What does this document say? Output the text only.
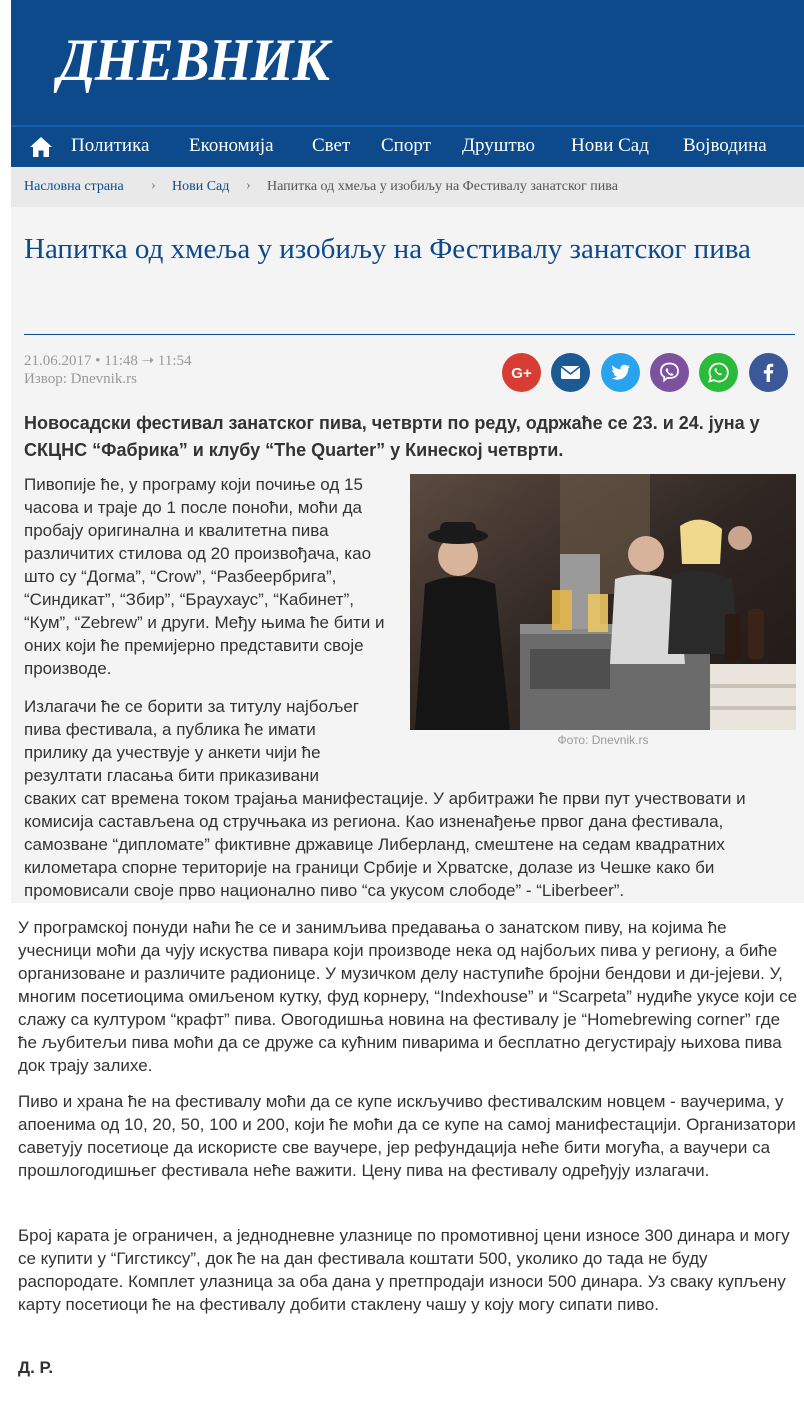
ДНЕВНИК
Политика Економија Свет Спорт Друштво Нови Сад Војводина
Насловна страна › Нови Сад › Напитка од хмеља у изобиљу на Фестивалу занатског пива
Напитка од хмеља у изобиљу на Фестивалу занатског пива
21.06.2017 • 11:48 ➝ 11:54
Извор: Dnevnik.rs	G+

Новосадски фестивал занатског пива, четврти по реду, одржаће се 23. и 24. јуна у СКЦНС “Фабрика” и клубу “The Quarter” у Кинеској четврти.

Фото: Dnevnik.rs

Пивопије ће, у програму који почиње од 15 часова и траје до 1 после поноћи, моћи да пробају оригинална и квалитетна пива различитих стилова од 20 произвођача, као што су “Догма”, “Crow”, “Разбеербрига”, “Синдикат”, “Збир”, “Браухаус”, “Кабинет”, “Кум”, “Zebrew” и други. Међу њима ће бити и оних који ће премијерно представити своје производе.

Излагачи ће се борити за титулу најбољег пива фестивала, а публика ће имати прилику да учествује у анкети чији ће резултати гласања бити приказивани

сваких сат времена током трајања манифестације. У арбитражи ће први пут учествовати и комисија састављена од стручњака из региона. Као изненађење првог дана фестивала, самозване “дипломате” фиктивне државице Либерланд, смештене на седам квадратних километара спорне територије на граници Србије и Хрватске, долазе из Чешке како би промовисали своје прво национално пиво “са укусом слободе” - “Liberbeer”.

У програмској понуди наћи ће се и занимљива предавања о занатском пиву, на којима ће учесници моћи да чују искуства пивара који производе нека од најбољих пива у региону, а биће организоване и различите радионице. У музичком делу наступиће бројни бендови и ди-јејеви. У, многим посетиоцима омиљеном кутку, фуд корнеру, “Indexhouse” и “Scarpeta” нудиће укусе који се слажу са културом “крафт” пива. Овогодишња новина на фестивалу је “Homebrewing corner” где ће љубитељи пива моћи да се друже са кућним пиварима и бесплатно дегустирају њихова пива док трају залихе.

Пиво и храна ће на фестивалу моћи да се купе искључиво фестивалским новцем - ваучерима, у апоенима од 10, 20, 50, 100 и 200, који ће моћи да се купе на самој манифестацији. Организатори саветују посетиоце да искористе све ваучере, јер рефундација неће бити могућа, а ваучери са прошлогодишњег фестивала неће важити. Цену пива на фестивалу одређују излагачи.

Број карата је ограничен, а једнодневне улазнице по промотивној цени износе 300 динара и могу се купити у “Гигстиксу”, док ће на дан фестивала коштати 500, уколико до тада не буду распородате. Комплет улазница за оба дана у претпродаји износи 500 динара. Уз сваку купљену карту посетиоци ће на фестивалу добити стаклену чашу у коју могу сипати пиво.

Д. Р.
